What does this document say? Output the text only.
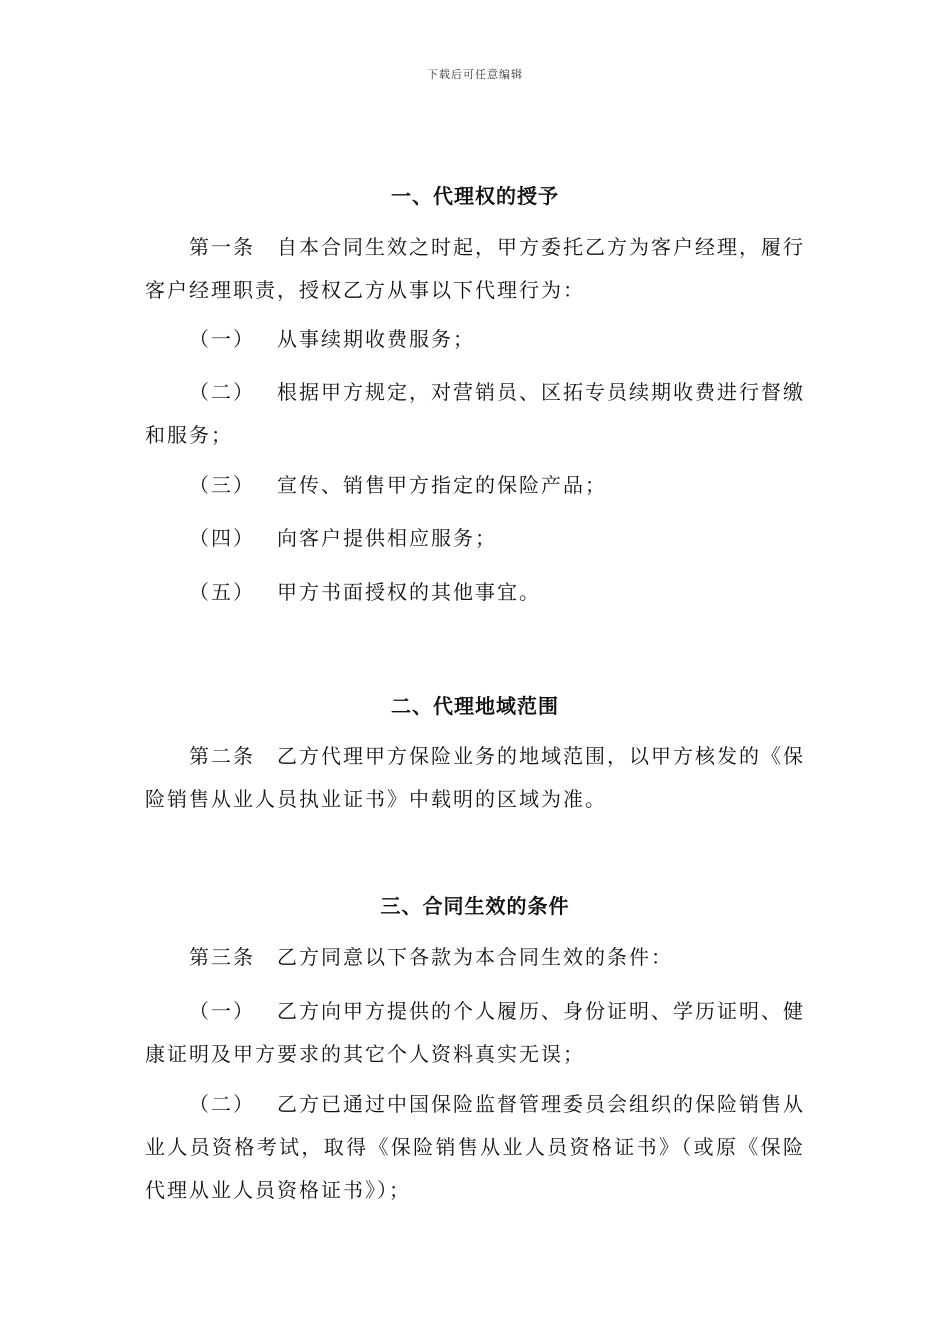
下载后可任意编辑
一、代理权的授予
第一条 自本合同生效之时起，甲方委托乙方为客户经理，履行客户经理职责，授权乙方从事以下代理行为：
（一） 从事续期收费服务；
（二） 根据甲方规定，对营销员、区拓专员续期收费进行督缴和服务；
（三） 宣传、销售甲方指定的保险产品；
（四） 向客户提供相应服务；
（五） 甲方书面授权的其他事宜。
二、代理地域范围
第二条 乙方代理甲方保险业务的地域范围，以甲方核发的《保险销售从业人员执业证书》中载明的区域为准。
三、合同生效的条件
第三条 乙方同意以下各款为本合同生效的条件：
（一） 乙方向甲方提供的个人履历、身份证明、学历证明、健康证明及甲方要求的其它个人资料真实无误；
（二） 乙方已通过中国保险监督管理委员会组织的保险销售从业人员资格考试，取得《保险销售从业人员资格证书》（或原《保险代理从业人员资格证书》）；
